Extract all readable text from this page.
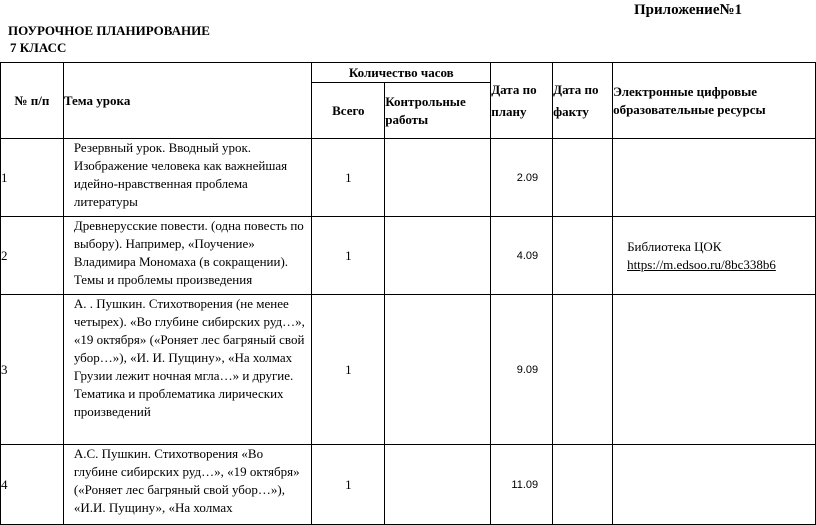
Приложение№1
ПОУРОЧНОЕ ПЛАНИРОВАНИЕ
7 КЛАСС
№ п/п	Тема урока	Количество часов		Дата по плану	Дата по факту	Электронные цифровые образовательные ресурсы
		Всего	Контрольные работы			
1	Резервный урок. Вводный урок. Изображение человека как важнейшая идейно-нравственная проблема литературы	1		2.09		

2	Древнерусские повести. (одна повесть по выбору). Например, «Поучение» Владимира Мономаха (в сокращении). Темы и проблемы произведения	1		4.09		Библиотека ЦОК
https://m.edsoo.ru/8bc338b6
3	А. . Пушкин. Стихотворения (не менее четырех). «Во глубине сибирских руд…», «19 октября» («Роняет лес багряный свой убор…»), «И. И. Пущину», «На холмах Грузии лежит ночная мгла…» и другие. Тематика и проблематика лирических произведений	1		9.09		

4	А.С. Пушкин. Стихотворения «Во глубине сибирских руд…», «19 октября» («Роняет лес багряный свой убор…»), «И.И. Пущину», «На холмах	1		11.09		
